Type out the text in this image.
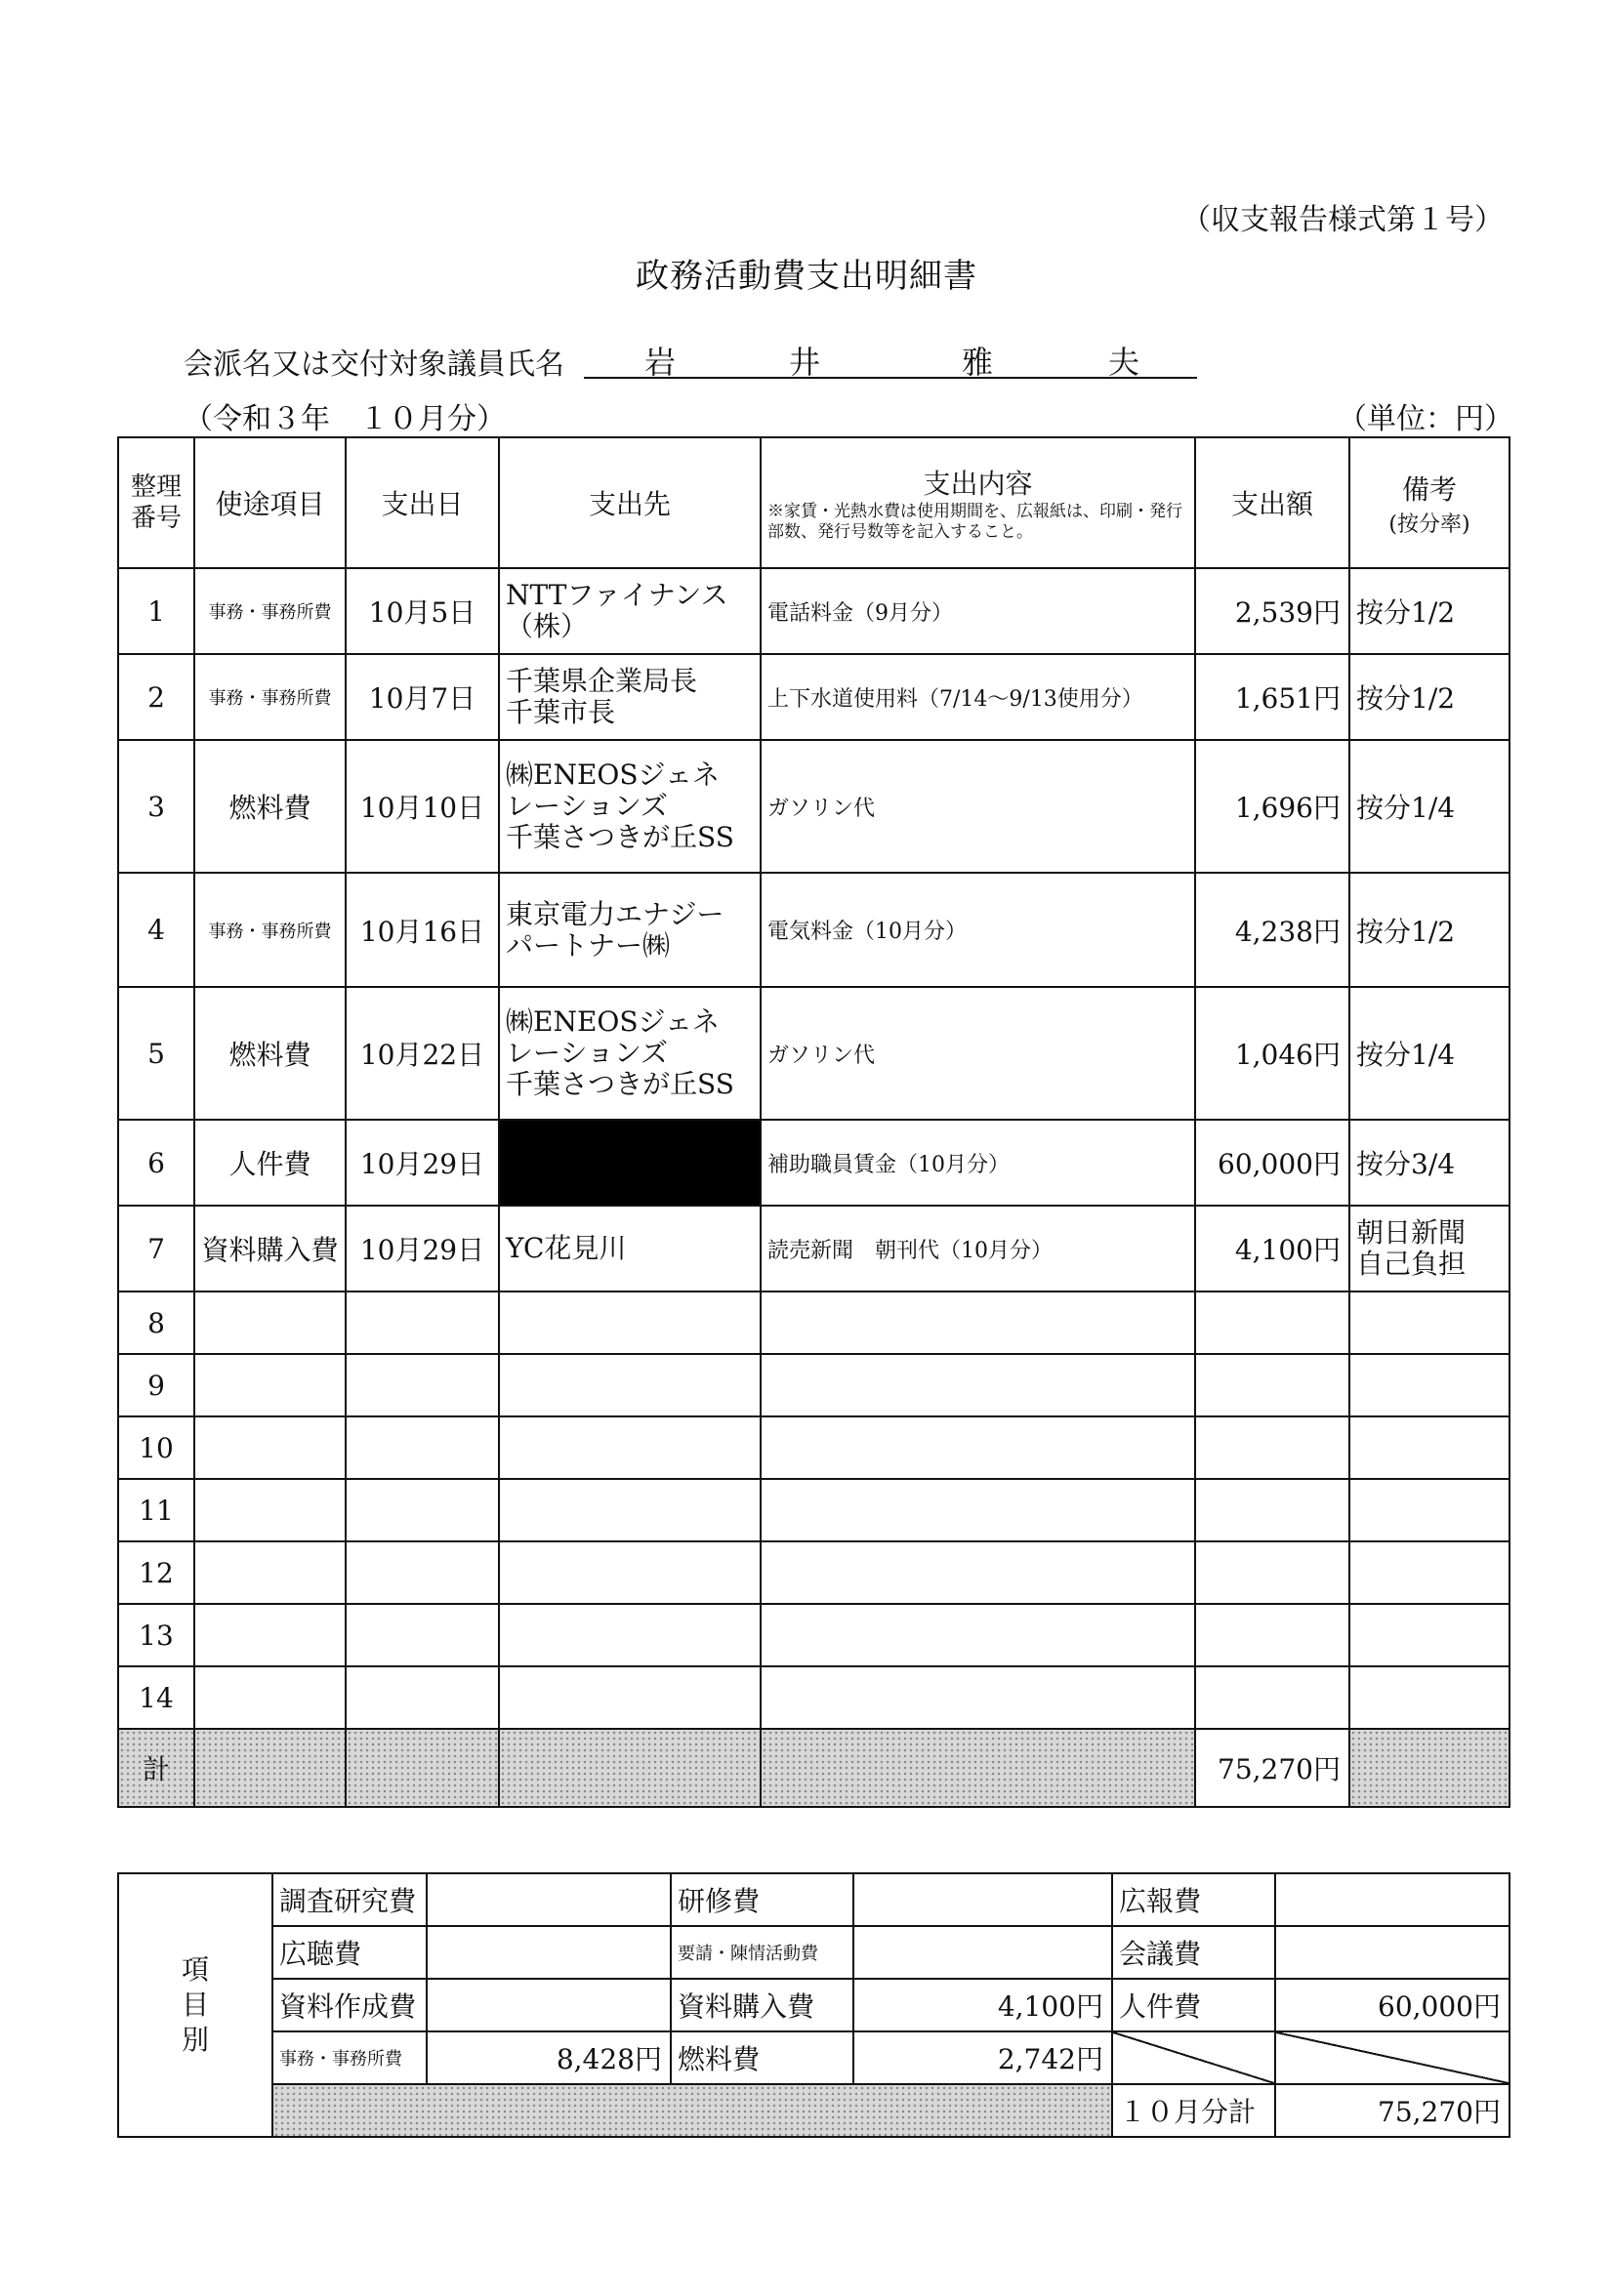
（収支報告様式第１号）
政務活動費支出明細書
会派名又は交付対象議員氏名	岩	井	雅	夫
（令和３年　１０月分）	（単位：円）
整理番号	使途項目	支出日	支出先	支出内容
※家賃・光熱水費は使用期間を、広報紙は、印刷・発行部数、発行号数等を記入すること。	支出額	備考
(按分率)

1	事務・事務所費	10月5日	NTTファイナンス
（株）	電話料金（9月分）	2,539円	按分1/2
2	事務・事務所費	10月7日	千葉県企業局長
千葉市長	上下水道使用料（7/14～9/13使用分）	1,651円	按分1/2
3	燃料費	10月10日	㈱ENEOSジェネ
レーションズ
千葉さつきが丘SS	ガソリン代	1,696円	按分1/4
4	事務・事務所費	10月16日	東京電力エナジー
パートナー㈱	電気料金（10月分）	4,238円	按分1/2
5	燃料費	10月22日	㈱ENEOSジェネ
レーションズ
千葉さつきが丘SS	ガソリン代	1,046円	按分1/4
6	人件費	10月29日		補助職員賃金（10月分）	60,000円	按分3/4
7	資料購入費	10月29日	YC花見川	読売新聞　朝刊代（10月分）	4,100円	朝日新聞
自己負担
8						
9						
10						
11						
12						
13						
14						
計					75,270円	
項
目
別	調査研究費		研修費		広報費	
	広聴費		要請・陳情活動費		会議費	
	資料作成費		資料購入費	4,100円	人件費	60,000円
	事務・事務所費	8,428円	燃料費	2,742円		
					１０月分計	75,270円
